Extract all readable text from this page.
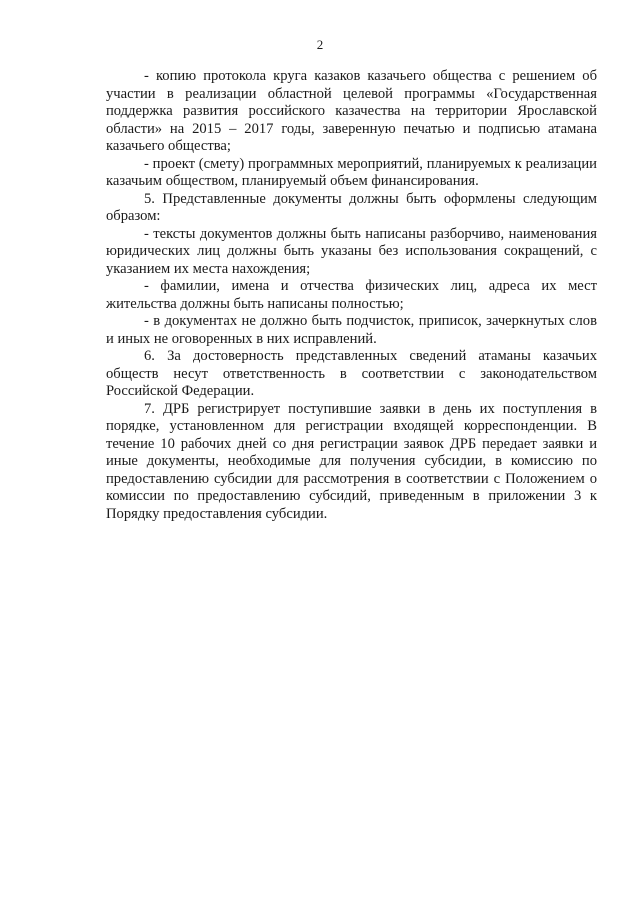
2

- копию протокола круга казаков казачьего общества с решением об участии в реализации областной целевой программы «Государственная поддержка развития российского казачества на территории Ярославской области» на 2015 – 2017 годы, заверенную печатью и подписью атамана казачьего общества;

- проект (смету) программных мероприятий, планируемых к реализации казачьим обществом, планируемый объем финансирования.

5. Представленные документы должны быть оформлены следующим образом:

- тексты документов должны быть написаны разборчиво, наименования юридических лиц должны быть указаны без использования сокращений, с указанием их места нахождения;

- фамилии, имена и отчества физических лиц, адреса их мест жительства должны быть написаны полностью;

- в документах не должно быть подчисток, приписок, зачеркнутых слов и иных не оговоренных в них исправлений.

6. За достоверность представленных сведений атаманы казачьих обществ несут ответственность в соответствии с законодательством Российской Федерации.

7. ДРБ регистрирует поступившие заявки в день их поступления в порядке, установленном для регистрации входящей корреспонденции. В течение 10 рабочих дней со дня регистрации заявок ДРБ передает заявки и иные документы, необходимые для получения субсидии, в комиссию по предоставлению субсидии для рассмотрения в соответствии с Положением о комиссии по предоставлению субсидий, приведенным в приложении 3 к Порядку предоставления субсидии.
